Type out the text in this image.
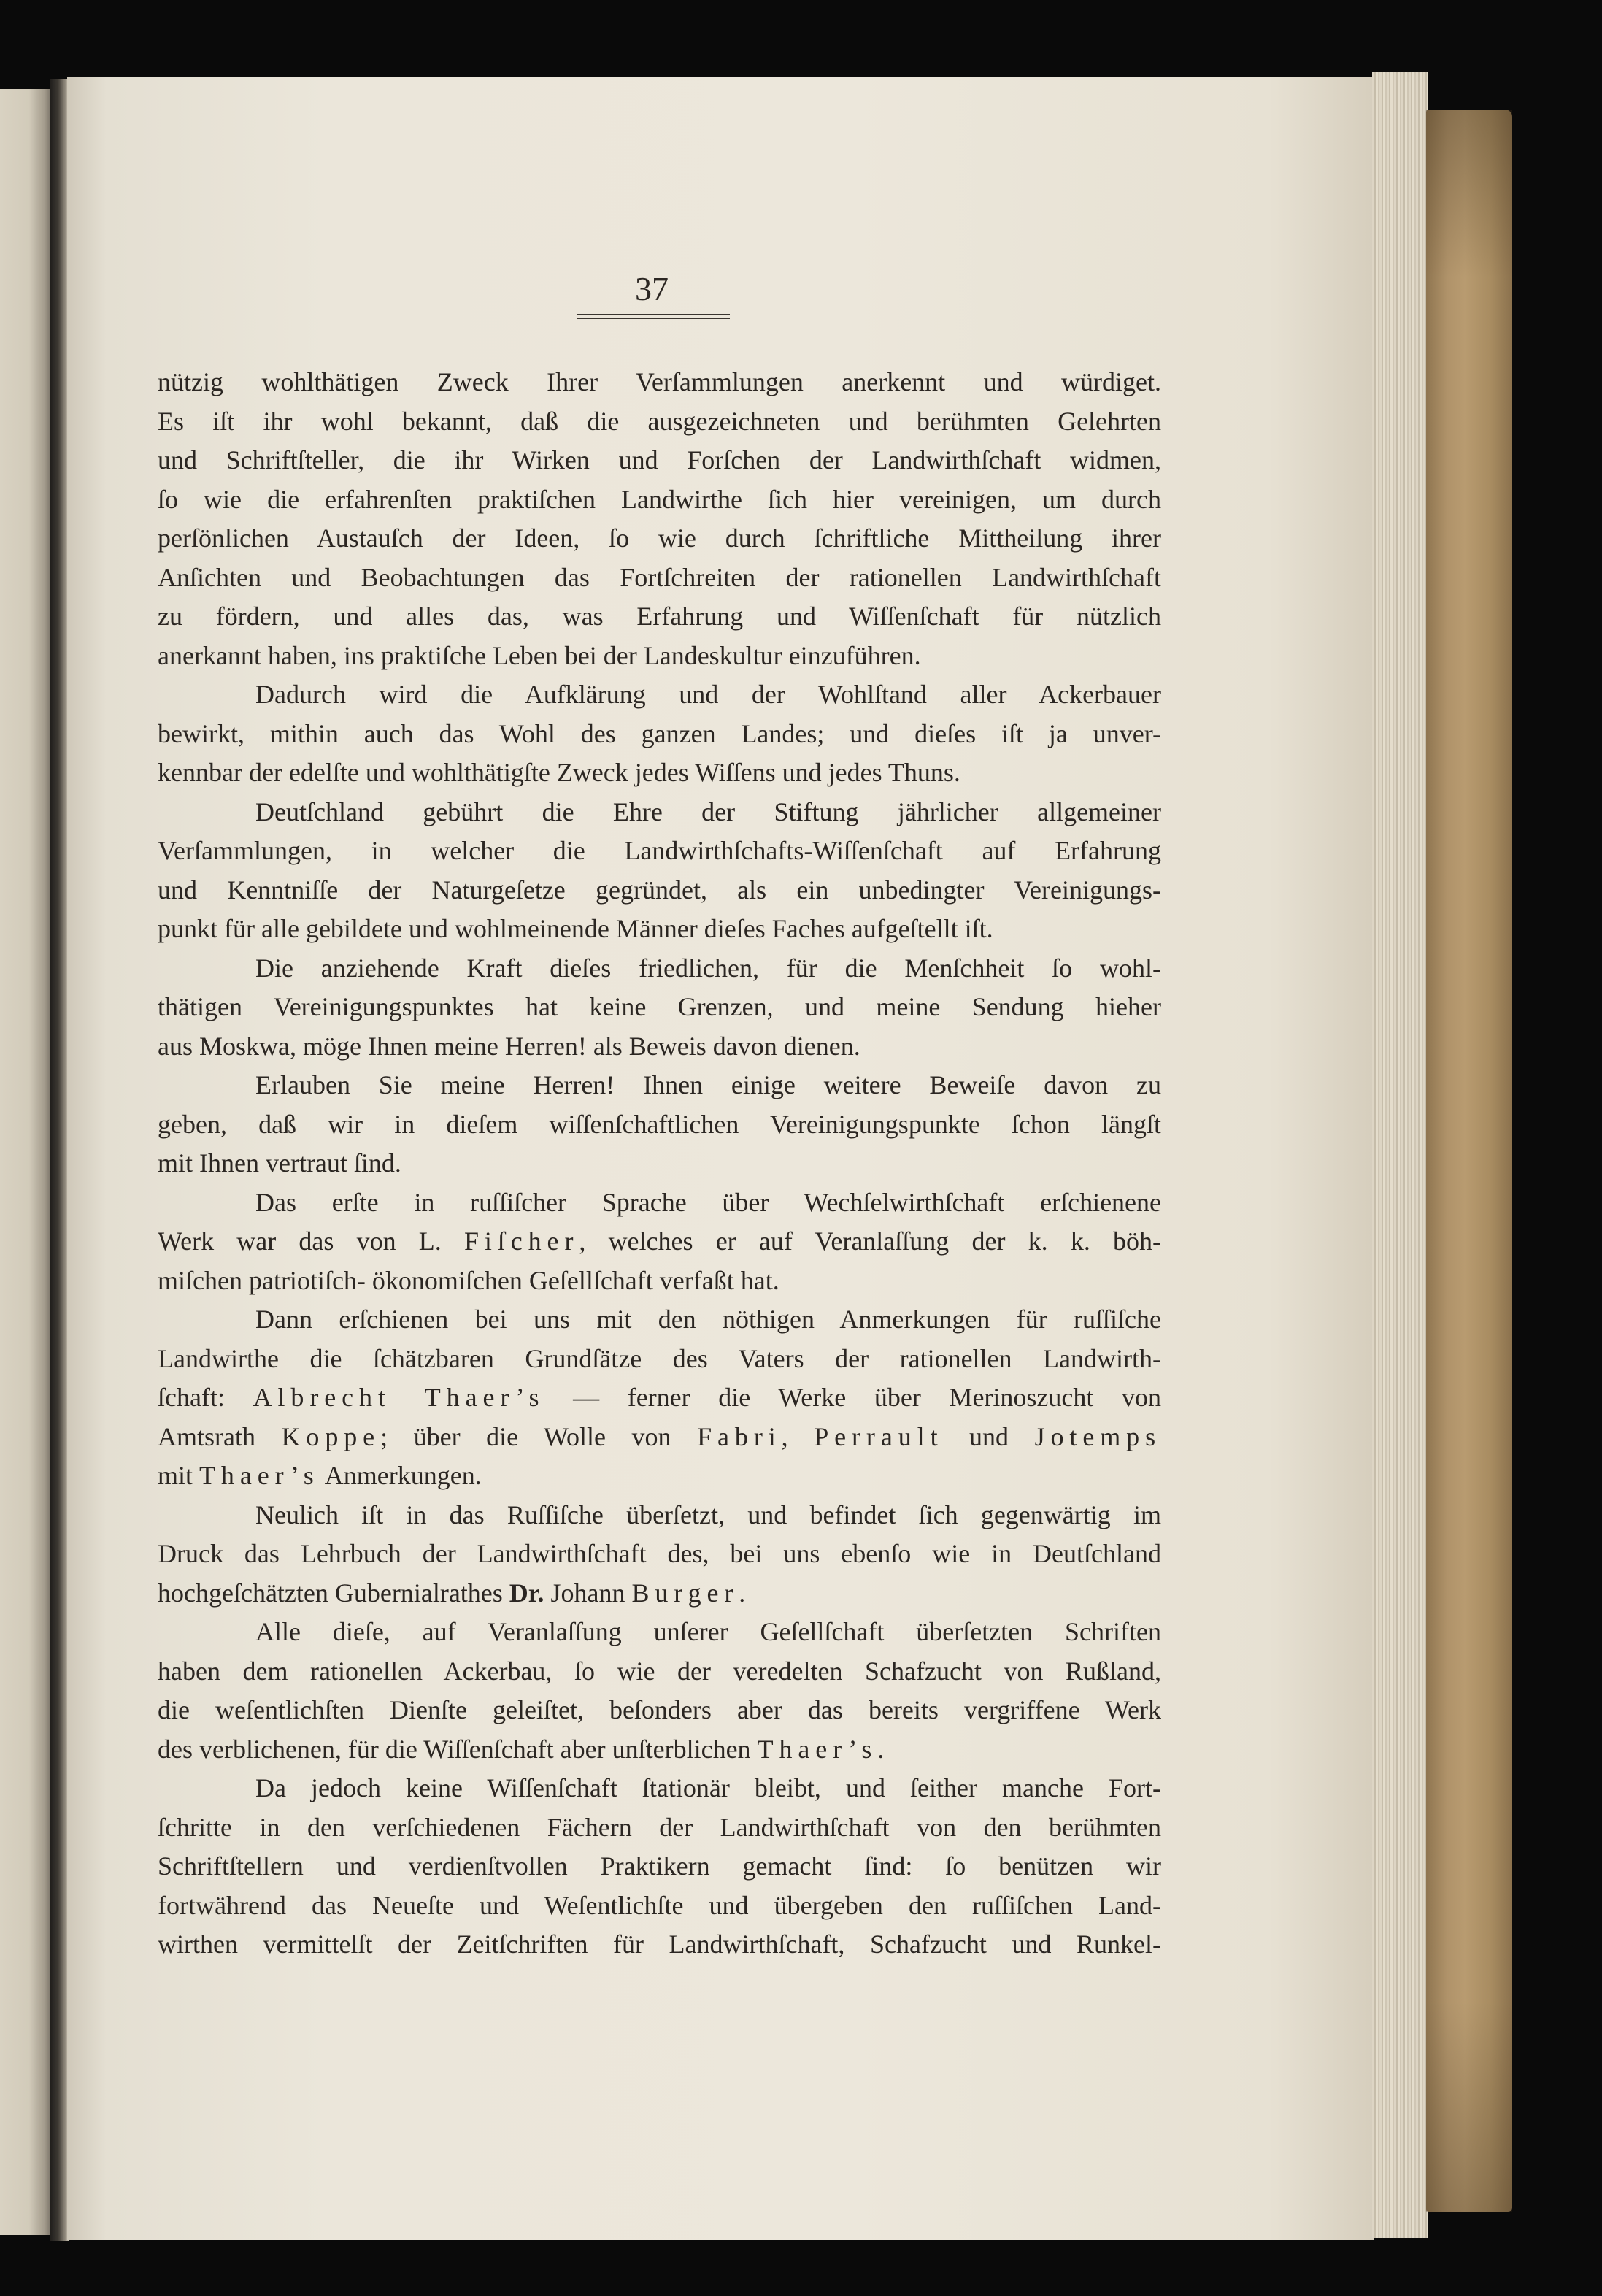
37
nützig wohlthätigen Zweck Ihrer Verſammlungen anerkennt und würdiget.
Es iſt ihr wohl bekannt, daß die ausgezeichneten und berühmten Gelehrten
und Schriftſteller, die ihr Wirken und Forſchen der Landwirthſchaft widmen,
ſo wie die erfahrenſten praktiſchen Landwirthe ſich hier vereinigen, um durch
perſönlichen Austauſch der Ideen, ſo wie durch ſchriftliche Mittheilung ihrer
Anſichten und Beobachtungen das Fortſchreiten der rationellen Landwirthſchaft
zu fördern, und alles das, was Erfahrung und Wiſſenſchaft für nützlich
anerkannt haben, ins praktiſche Leben bei der Landeskultur einzuführen.
Dadurch wird die Aufklärung und der Wohlſtand aller Ackerbauer
bewirkt, mithin auch das Wohl des ganzen Landes; und dieſes iſt ja unver-
kennbar der edelſte und wohlthätigſte Zweck jedes Wiſſens und jedes Thuns.
Deutſchland gebührt die Ehre der Stiftung jährlicher allgemeiner
Verſammlungen, in welcher die Landwirthſchafts-Wiſſenſchaft auf Erfahrung
und Kenntniſſe der Naturgeſetze gegründet, als ein unbedingter Vereinigungs-
punkt für alle gebildete und wohlmeinende Männer dieſes Faches aufgeſtellt iſt.
Die anziehende Kraft dieſes friedlichen, für die Menſchheit ſo wohl-
thätigen Vereinigungspunktes hat keine Grenzen, und meine Sendung hieher
aus Moskwa, möge Ihnen meine Herren! als Beweis davon dienen.
Erlauben Sie meine Herren! Ihnen einige weitere Beweiſe davon zu
geben, daß wir in dieſem wiſſenſchaftlichen Vereinigungspunkte ſchon längſt
mit Ihnen vertraut ſind.
Das erſte in ruſſiſcher Sprache über Wechſelwirthſchaft erſchienene
Werk war das von L. Fiſcher, welches er auf Veranlaſſung der k. k. böh-
miſchen patriotiſch- ökonomiſchen Geſellſchaft verfaßt hat.
Dann erſchienen bei uns mit den nöthigen Anmerkungen für ruſſiſche
Landwirthe die ſchätzbaren Grundſätze des Vaters der rationellen Landwirth-
ſchaft: Albrecht Thaer’s — ferner die Werke über Merinoszucht von
Amtsrath Koppe; über die Wolle von Fabri, Perrault und Jotemps
mit Thaer’s Anmerkungen.
Neulich iſt in das Ruſſiſche überſetzt, und befindet ſich gegenwärtig im
Druck das Lehrbuch der Landwirthſchaft des, bei uns ebenſo wie in Deutſchland
hochgeſchätzten Gubernialrathes Dr. Johann Burger.
Alle dieſe, auf Veranlaſſung unſerer Geſellſchaft überſetzten Schriften
haben dem rationellen Ackerbau, ſo wie der veredelten Schafzucht von Rußland,
die weſentlichſten Dienſte geleiſtet, beſonders aber das bereits vergriffene Werk
des verblichenen, für die Wiſſenſchaft aber unſterblichen Thaer’s.
Da jedoch keine Wiſſenſchaft ſtationär bleibt, und ſeither manche Fort-
ſchritte in den verſchiedenen Fächern der Landwirthſchaft von den berühmten
Schriftſtellern und verdienſtvollen Praktikern gemacht ſind: ſo benützen wir
fortwährend das Neueſte und Weſentlichſte und übergeben den ruſſiſchen Land-
wirthen vermittelſt der Zeitſchriften für Landwirthſchaft, Schafzucht und Runkel-
